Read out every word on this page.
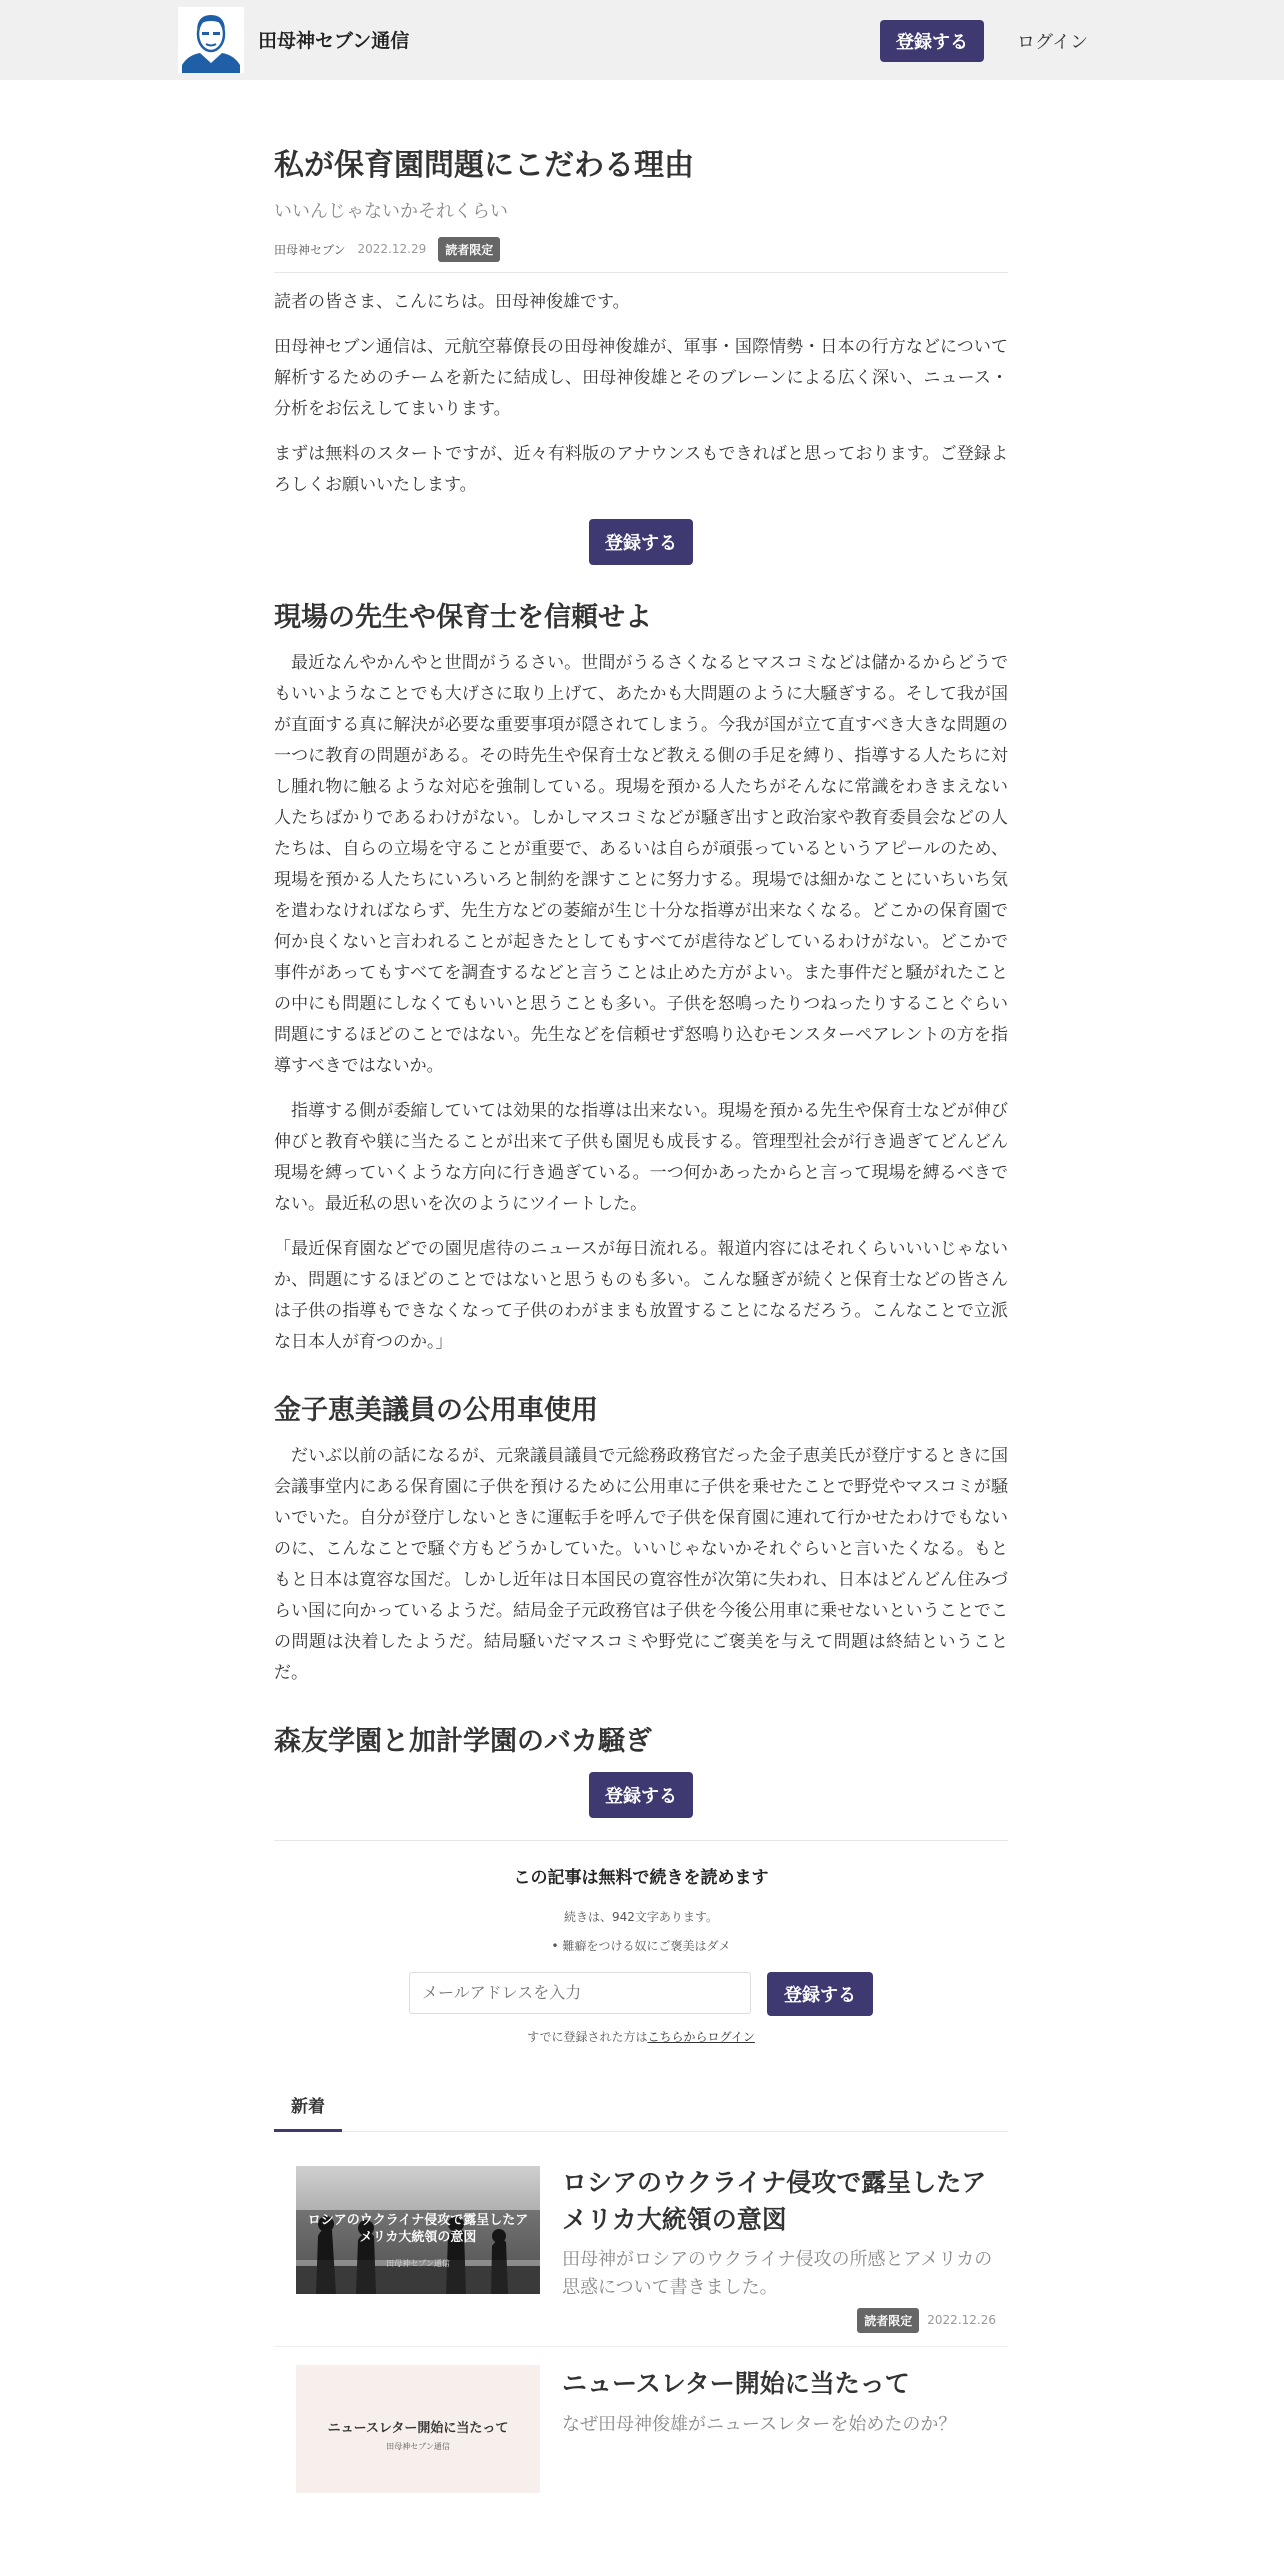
田母神セブン通信	登録する	ログイン
私が保育園問題にこだわる理由
いいんじゃないかそれくらい
田母神セブン 2022.12.29	読者限定

読者の皆さま、こんにちは。田母神俊雄です。

田母神セブン通信は、元航空幕僚長の田母神俊雄が、軍事・国際情勢・日本の行方などについて解析するためのチームを新たに結成し、田母神俊雄とそのブレーンによる広く深い、ニュース・分析をお伝えしてまいります。

まずは無料のスタートですが、近々有料版のアナウンスもできればと思っております。ご登録よろしくお願いいたします。

登録する
現場の先生や保育士を信頼せよ

最近なんやかんやと世間がうるさい。世間がうるさくなるとマスコミなどは儲かるからどうでもいいようなことでも大げさに取り上げて、あたかも大問題のように大騒ぎする。そして我が国が直面する真に解決が必要な重要事項が隠されてしまう。今我が国が立て直すべき大きな問題の一つに教育の問題がある。その時先生や保育士など教える側の手足を縛り、指導する人たちに対し腫れ物に触るような対応を強制している。現場を預かる人たちがそんなに常識をわきまえない人たちばかりであるわけがない。しかしマスコミなどが騒ぎ出すと政治家や教育委員会などの人たちは、自らの立場を守ることが重要で、あるいは自らが頑張っているというアピールのため、現場を預かる人たちにいろいろと制約を課すことに努力する。現場では細かなことにいちいち気を遣わなければならず、先生方などの萎縮が生じ十分な指導が出来なくなる。どこかの保育園で何か良くないと言われることが起きたとしてもすべてが虐待などしているわけがない。どこかで事件があってもすべてを調査するなどと言うことは止めた方がよい。また事件だと騒がれたことの中にも問題にしなくてもいいと思うことも多い。子供を怒鳴ったりつねったりすることぐらい問題にするほどのことではない。先生などを信頼せず怒鳴り込むモンスターペアレントの方を指導すべきではないか。

指導する側が委縮していては効果的な指導は出来ない。現場を預かる先生や保育士などが伸び伸びと教育や躾に当たることが出来て子供も園児も成長する。管理型社会が行き過ぎてどんどん現場を縛っていくような方向に行き過ぎている。一つ何かあったからと言って現場を縛るべきでない。最近私の思いを次のようにツイートした。

「最近保育園などでの園児虐待のニュースが毎日流れる。報道内容にはそれくらいいいじゃないか、問題にするほどのことではないと思うものも多い。こんな騒ぎが続くと保育士などの皆さんは子供の指導もできなくなって子供のわがままも放置することになるだろう。こんなことで立派な日本人が育つのか。」

金子恵美議員の公用車使用

だいぶ以前の話になるが、元衆議員議員で元総務政務官だった金子恵美氏が登庁するときに国会議事堂内にある保育園に子供を預けるために公用車に子供を乗せたことで野党やマスコミが騒いでいた。自分が登庁しないときに運転手を呼んで子供を保育園に連れて行かせたわけでもないのに、こんなことで騒ぐ方もどうかしていた。いいじゃないかそれぐらいと言いたくなる。もともと日本は寛容な国だ。しかし近年は日本国民の寛容性が次第に失われ、日本はどんどん住みづらい国に向かっているようだ。結局金子元政務官は子供を今後公用車に乗せないということでこの問題は決着したようだ。結局騒いだマスコミや野党にご褒美を与えて問題は終結ということだ。

森友学園と加計学園のバカ騒ぎ
登録する
この記事は無料で続きを読めます
続きは、942文字あります。
• 難癖をつける奴にご褒美はダメ
メールアドレスを入力
登録する
すでに登録された方はこちらからログイン
新着
ロシアのウクライナ侵攻で露呈したアメリカ大統領の意図
田母神セブン通信
ロシアのウクライナ侵攻で露呈したアメリカ大統領の意図
田母神がロシアのウクライナ侵攻の所感とアメリカの思惑について書きました。
読者限定	2022.12.26
ニュースレター開始に当たって
田母神セブン通信
ニュースレター開始に当たって
なぜ田母神俊雄がニュースレターを始めたのか？
